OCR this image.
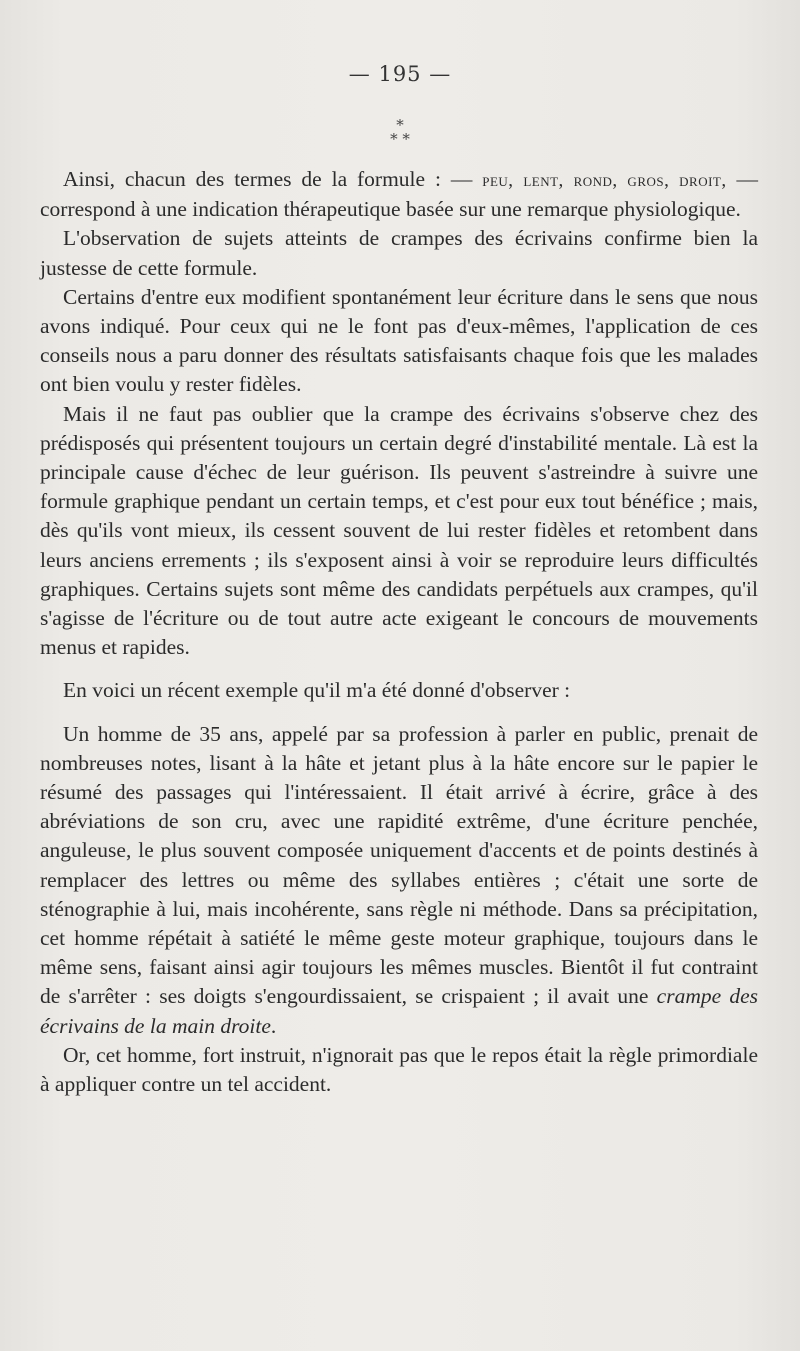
— 195 —
*
* *

Ainsi, chacun des termes de la formule : — peu, lent, rond, gros, droit, — correspond à une indication thérapeutique basée sur une remarque physiologique.

L'observation de sujets atteints de crampes des écrivains confirme bien la justesse de cette formule.

Certains d'entre eux modifient spontanément leur écriture dans le sens que nous avons indiqué. Pour ceux qui ne le font pas d'eux-mêmes, l'application de ces conseils nous a paru donner des résultats satisfaisants chaque fois que les malades ont bien voulu y rester fidèles.

Mais il ne faut pas oublier que la crampe des écrivains s'observe chez des prédisposés qui présentent toujours un certain degré d'instabilité mentale. Là est la principale cause d'échec de leur guérison. Ils peuvent s'astreindre à suivre une formule graphique pendant un certain temps, et c'est pour eux tout bénéfice ; mais, dès qu'ils vont mieux, ils cessent souvent de lui rester fidèles et retombent dans leurs anciens errements ; ils s'exposent ainsi à voir se reproduire leurs difficultés graphiques. Certains sujets sont même des candidats perpétuels aux crampes, qu'il s'agisse de l'écriture ou de tout autre acte exigeant le concours de mouvements menus et rapides.

En voici un récent exemple qu'il m'a été donné d'observer :

Un homme de 35 ans, appelé par sa profession à parler en public, prenait de nombreuses notes, lisant à la hâte et jetant plus à la hâte encore sur le papier le résumé des passages qui l'intéressaient. Il était arrivé à écrire, grâce à des abréviations de son cru, avec une rapidité extrême, d'une écriture penchée, anguleuse, le plus souvent composée uniquement d'accents et de points destinés à remplacer des lettres ou même des syllabes entières ; c'était une sorte de sténographie à lui, mais incohérente, sans règle ni méthode. Dans sa précipitation, cet homme répétait à satiété le même geste moteur graphique, toujours dans le même sens, faisant ainsi agir toujours les mêmes muscles. Bientôt il fut contraint de s'arrêter : ses doigts s'engourdissaient, se crispaient ; il avait une crampe des écrivains de la main droite.

Or, cet homme, fort instruit, n'ignorait pas que le repos était la règle primordiale à appliquer contre un tel accident.
